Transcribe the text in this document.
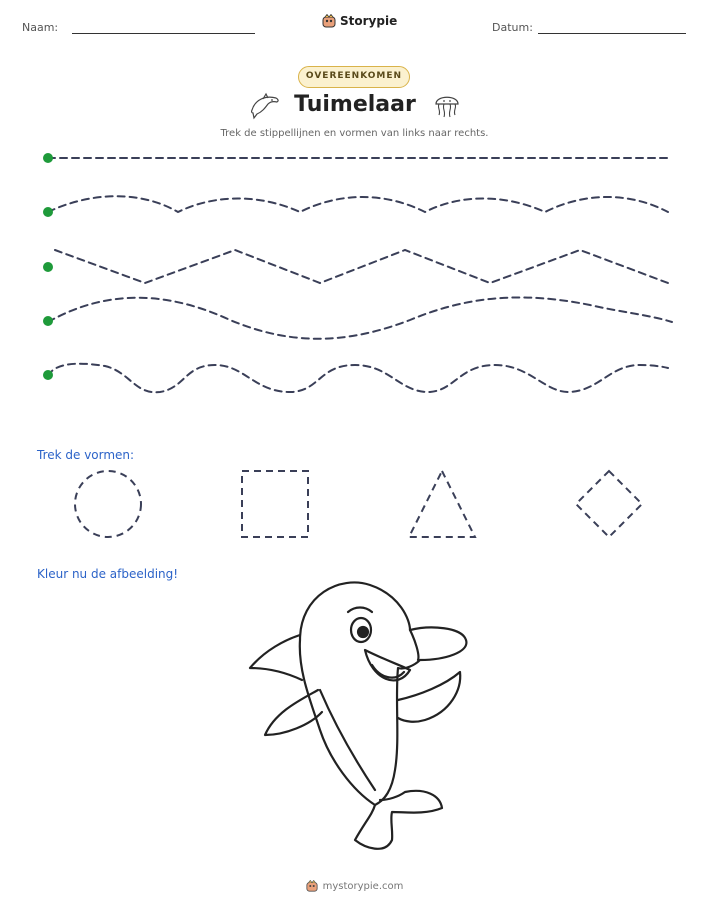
Naam:	Storypie	Datum:
OVEREENKOMEN
Tuimelaar
Trek de stippellijnen en vormen van links naar rechts.
Trek de vormen:
Kleur nu de afbeelding!
mystorypie.com
